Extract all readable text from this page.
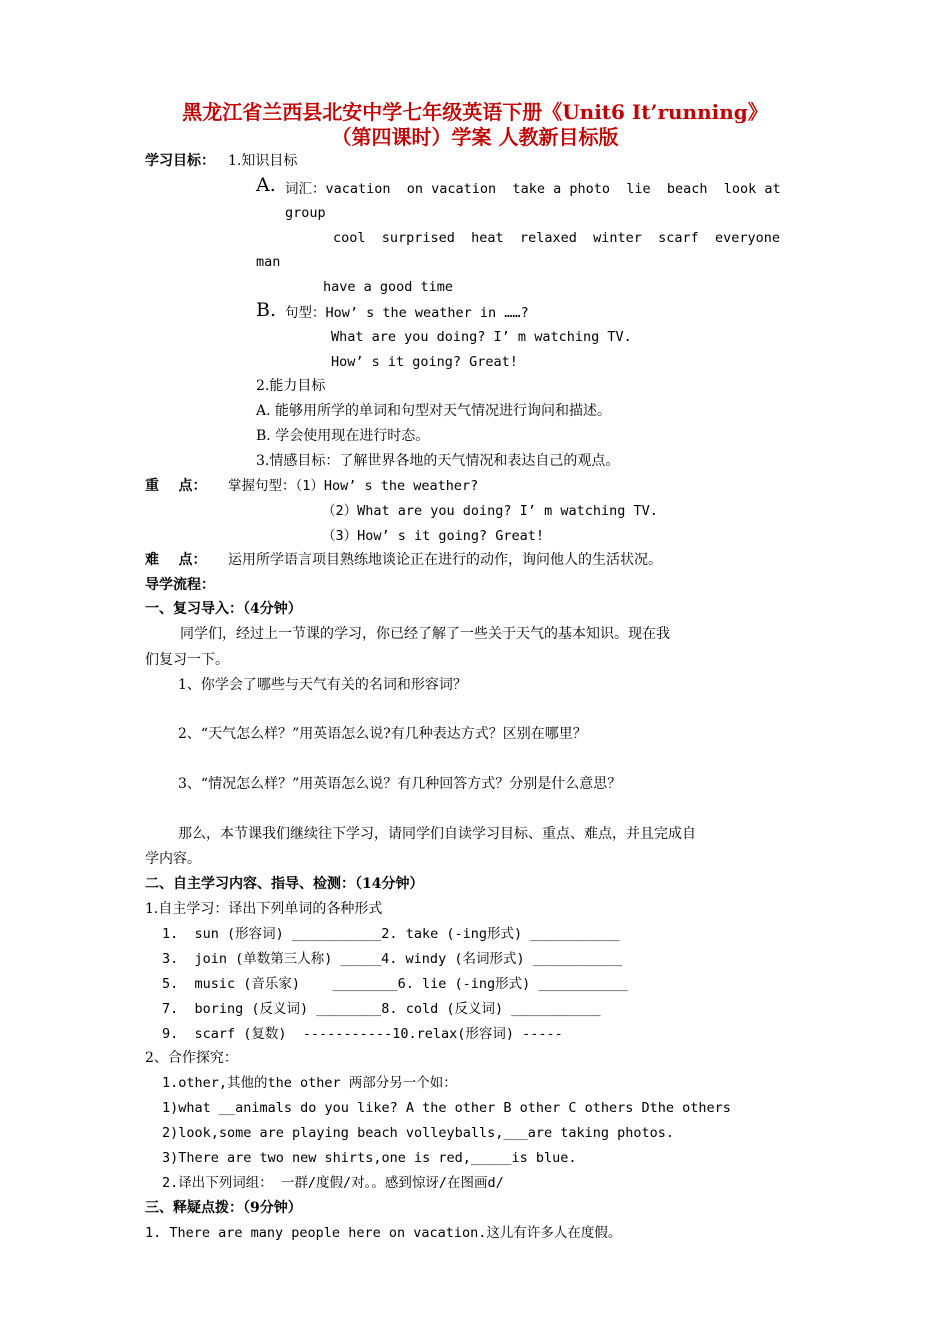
黑龙江省兰西县北安中学七年级英语下册《Unit6 It’running》
（第四课时）学案 人教新目标版
学习目标： 1.知识目标
A. 词汇：vacation  on vacation  take a photo  lie  beach  look at
group
cool  surprised  heat  relaxed  winter  scarf  everyone
man
have a good time
B. 句型：How’ s the weather in ……?
What are you doing? I’ m watching TV.
How’ s it going? Great!
2.能力目标
A. 能够用所学的单词和句型对天气情况进行询问和描述。
B. 学会使用现在进行时态。
3.情感目标：了解世界各地的天气情况和表达自己的观点。
重    点： 掌握句型：（1）How’ s the weather?
（2）What are you doing? I’ m watching TV.
（3）How’ s it going? Great!
难    点： 运用所学语言项目熟练地谈论正在进行的动作，询问他人的生活状况。
导学流程：
一、复习导入：（4分钟）
同学们，经过上一节课的学习，你已经了解了一些关于天气的基本知识。现在我
们复习一下。
1、你学会了哪些与天气有关的名词和形容词？
2、“天气怎么样？”用英语怎么说?有几种表达方式？区别在哪里？
3、“情况怎么样？”用英语怎么说？有几种回答方式？分别是什么意思？
那么，本节课我们继续往下学习，请同学们自读学习目标、重点、难点，并且完成自
学内容。
二、自主学习内容、指导、检测：（14分钟）
1.自主学习：译出下列单词的各种形式
1.  sun (形容词) ___________2. take (-ing形式) ___________
3.  join (单数第三人称) _____4. windy (名词形式) ___________
5.  music (音乐家)    ________6. lie (-ing形式) ___________
7.  boring (反义词) ________8. cold (反义词) ___________
9.  scarf (复数)  -----------10.relax(形容词) -----
2、合作探究：
1.other,其他的the other 两部分另一个如：
1)what __animals do you like? A the other B other C others Dthe others
2)look,some are playing beach volleyballs,___are taking photos.
3)There are two new shirts,one is red,_____is blue.
2.译出下列词组： 一群/度假/对。。感到惊讶/在图画d/
三、释疑点拨：（9分钟）
1. There are many people here on vacation.这儿有许多人在度假。
